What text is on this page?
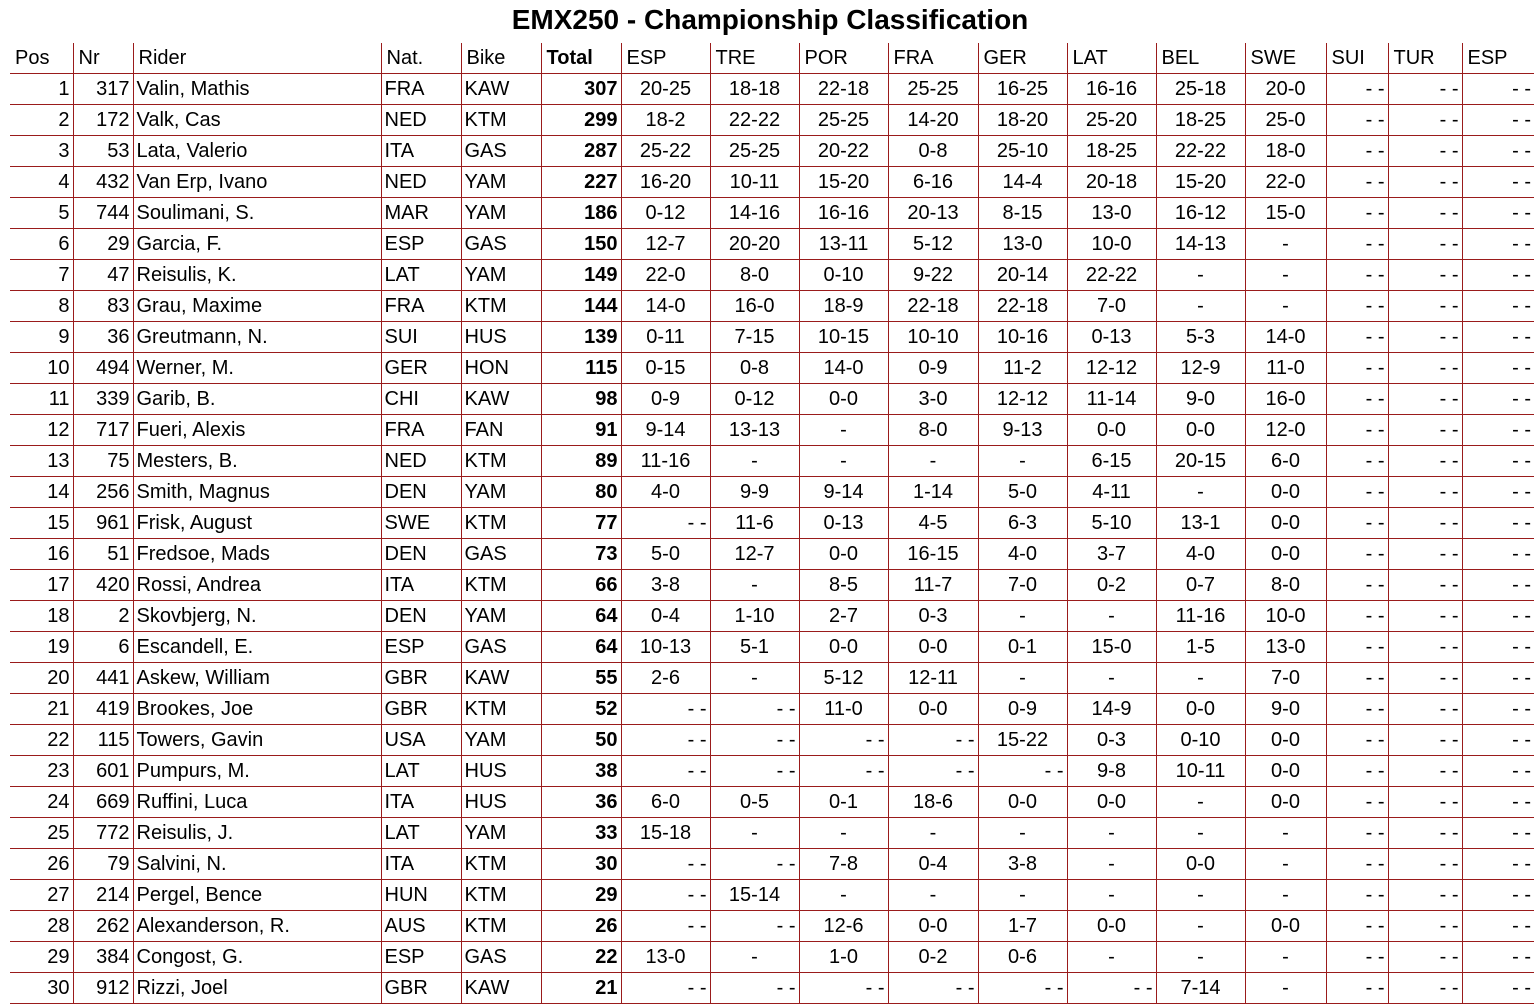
EMX250 - Championship Classification
Pos	Nr	Rider	Nat.	Bike	Total	ESP	TRE	POR	FRA	GER	LAT	BEL	SWE	SUI	TUR	ESP
1	317	Valin, Mathis	FRA	KAW	307	20-25	18-18	22-18	25-25	16-25	16-16	25-18	20-0	- -	- -	- -
2	172	Valk, Cas	NED	KTM	299	18-2	22-22	25-25	14-20	18-20	25-20	18-25	25-0	- -	- -	- -
3	53	Lata, Valerio	ITA	GAS	287	25-22	25-25	20-22	0-8	25-10	18-25	22-22	18-0	- -	- -	- -
4	432	Van Erp, Ivano	NED	YAM	227	16-20	10-11	15-20	6-16	14-4	20-18	15-20	22-0	- -	- -	- -
5	744	Soulimani, S.	MAR	YAM	186	0-12	14-16	16-16	20-13	8-15	13-0	16-12	15-0	- -	- -	- -
6	29	Garcia, F.	ESP	GAS	150	12-7	20-20	13-11	5-12	13-0	10-0	14-13	-	- -	- -	- -
7	47	Reisulis, K.	LAT	YAM	149	22-0	8-0	0-10	9-22	20-14	22-22	-	-	- -	- -	- -
8	83	Grau, Maxime	FRA	KTM	144	14-0	16-0	18-9	22-18	22-18	7-0	-	-	- -	- -	- -
9	36	Greutmann, N.	SUI	HUS	139	0-11	7-15	10-15	10-10	10-16	0-13	5-3	14-0	- -	- -	- -
10	494	Werner, M.	GER	HON	115	0-15	0-8	14-0	0-9	11-2	12-12	12-9	11-0	- -	- -	- -
11	339	Garib, B.	CHI	KAW	98	0-9	0-12	0-0	3-0	12-12	11-14	9-0	16-0	- -	- -	- -
12	717	Fueri, Alexis	FRA	FAN	91	9-14	13-13	-	8-0	9-13	0-0	0-0	12-0	- -	- -	- -
13	75	Mesters, B.	NED	KTM	89	11-16	-	-	-	-	6-15	20-15	6-0	- -	- -	- -
14	256	Smith, Magnus	DEN	YAM	80	4-0	9-9	9-14	1-14	5-0	4-11	-	0-0	- -	- -	- -
15	961	Frisk, August	SWE	KTM	77	- -	11-6	0-13	4-5	6-3	5-10	13-1	0-0	- -	- -	- -
16	51	Fredsoe, Mads	DEN	GAS	73	5-0	12-7	0-0	16-15	4-0	3-7	4-0	0-0	- -	- -	- -
17	420	Rossi, Andrea	ITA	KTM	66	3-8	-	8-5	11-7	7-0	0-2	0-7	8-0	- -	- -	- -
18	2	Skovbjerg, N.	DEN	YAM	64	0-4	1-10	2-7	0-3	-	-	11-16	10-0	- -	- -	- -
19	6	Escandell, E.	ESP	GAS	64	10-13	5-1	0-0	0-0	0-1	15-0	1-5	13-0	- -	- -	- -
20	441	Askew, William	GBR	KAW	55	2-6	-	5-12	12-11	-	-	-	7-0	- -	- -	- -
21	419	Brookes, Joe	GBR	KTM	52	- -	- -	11-0	0-0	0-9	14-9	0-0	9-0	- -	- -	- -
22	115	Towers, Gavin	USA	YAM	50	- -	- -	- -	- -	15-22	0-3	0-10	0-0	- -	- -	- -
23	601	Pumpurs, M.	LAT	HUS	38	- -	- -	- -	- -	- -	9-8	10-11	0-0	- -	- -	- -
24	669	Ruffini, Luca	ITA	HUS	36	6-0	0-5	0-1	18-6	0-0	0-0	-	0-0	- -	- -	- -
25	772	Reisulis, J.	LAT	YAM	33	15-18	-	-	-	-	-	-	-	- -	- -	- -
26	79	Salvini, N.	ITA	KTM	30	- -	- -	7-8	0-4	3-8	-	0-0	-	- -	- -	- -
27	214	Pergel, Bence	HUN	KTM	29	- -	15-14	-	-	-	-	-	-	- -	- -	- -
28	262	Alexanderson, R.	AUS	KTM	26	- -	- -	12-6	0-0	1-7	0-0	-	0-0	- -	- -	- -
29	384	Congost, G.	ESP	GAS	22	13-0	-	1-0	0-2	0-6	-	-	-	- -	- -	- -
30	912	Rizzi, Joel	GBR	KAW	21	- -	- -	- -	- -	- -	- -	7-14	-	- -	- -	- -
